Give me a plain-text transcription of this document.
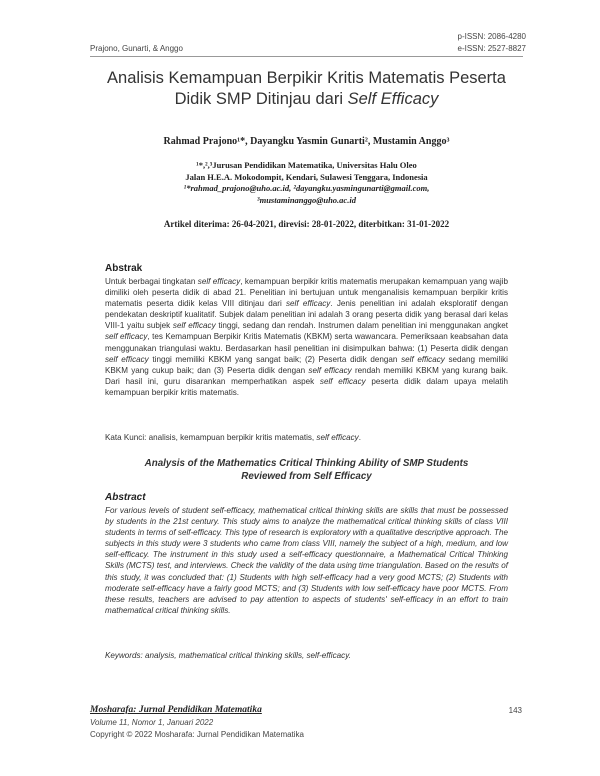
p-ISSN: 2086-4280
e-ISSN: 2527-8827
Prajono, Gunarti, & Anggo
Analisis Kemampuan Berpikir Kritis Matematis Peserta
Didik SMP Ditinjau dari Self Efficacy
Rahmad Prajono¹*, Dayangku Yasmin Gunarti², Mustamin Anggo³
¹*,²,³Jurusan Pendidikan Matematika, Universitas Halu Oleo
Jalan H.E.A. Mokodompit, Kendari, Sulawesi Tenggara, Indonesia
¹*rahmad_prajono@uho.ac.id, ²dayangku.yasmingunarti@gmail.com,
³mustaminanggo@uho.ac.id
Artikel diterima: 26-04-2021, direvisi: 28-01-2022, diterbitkan: 31-01-2022
Abstrak
Untuk berbagai tingkatan self efficacy, kemampuan berpikir kritis matematis merupakan kemampuan yang wajib dimiliki oleh peserta didik di abad 21. Penelitian ini bertujuan untuk menganalisis kemampuan berpikir kritis matematis peserta didik kelas VIII ditinjau dari self efficacy. Jenis penelitian ini adalah eksploratif dengan pendekatan deskriptif kualitatif. Subjek dalam penelitian ini adalah 3 orang peserta didik yang berasal dari kelas VIII-1 yaitu subjek self efficacy tinggi, sedang dan rendah. Instrumen dalam penelitian ini menggunakan angket self efficacy, tes Kemampuan Berpikir Kritis Matematis (KBKM) serta wawancara. Pemeriksaan keabsahan data menggunakan triangulasi waktu. Berdasarkan hasil penelitian ini disimpulkan bahwa: (1) Peserta didik dengan self efficacy tinggi memiliki KBKM yang sangat baik; (2) Peserta didik dengan self efficacy sedang memiliki KBKM yang cukup baik; dan (3) Peserta didik dengan self efficacy rendah memiliki KBKM yang kurang baik. Dari hasil ini, guru disarankan memperhatikan aspek self efficacy peserta didik dalam upaya melatih kemampuan berpikir kritis matematis.
Kata Kunci: analisis, kemampuan berpikir kritis matematis, self efficacy.
Analysis of the Mathematics Critical Thinking Ability of SMP Students
Reviewed from Self Efficacy
Abstract
For various levels of student self-efficacy, mathematical critical thinking skills are skills that must be possessed by students in the 21st century. This study aims to analyze the mathematical critical thinking skills of class VIII students in terms of self-efficacy. This type of research is exploratory with a qualitative descriptive approach. The subjects in this study were 3 students who came from class VIII, namely the subject of a high, medium, and low self-efficacy. The instrument in this study used a self-efficacy questionnaire, a Mathematical Critical Thinking Skills (MCTS) test, and interviews. Check the validity of the data using time triangulation. Based on the results of this study, it was concluded that: (1) Students with high self-efficacy had a very good MCTS; (2) Students with moderate self-efficacy have a fairly good MCTS; and (3) Students with low self-efficacy have poor MCTS. From these results, teachers are advised to pay attention to aspects of students' self-efficacy in an effort to train mathematical critical thinking skills.
Keywords: analysis, mathematical critical thinking skills, self-efficacy.
Mosharafa: Jurnal Pendidikan Matematika	143
Volume 11, Nomor 1, Januari 2022
Copyright © 2022 Mosharafa: Jurnal Pendidikan Matematika
